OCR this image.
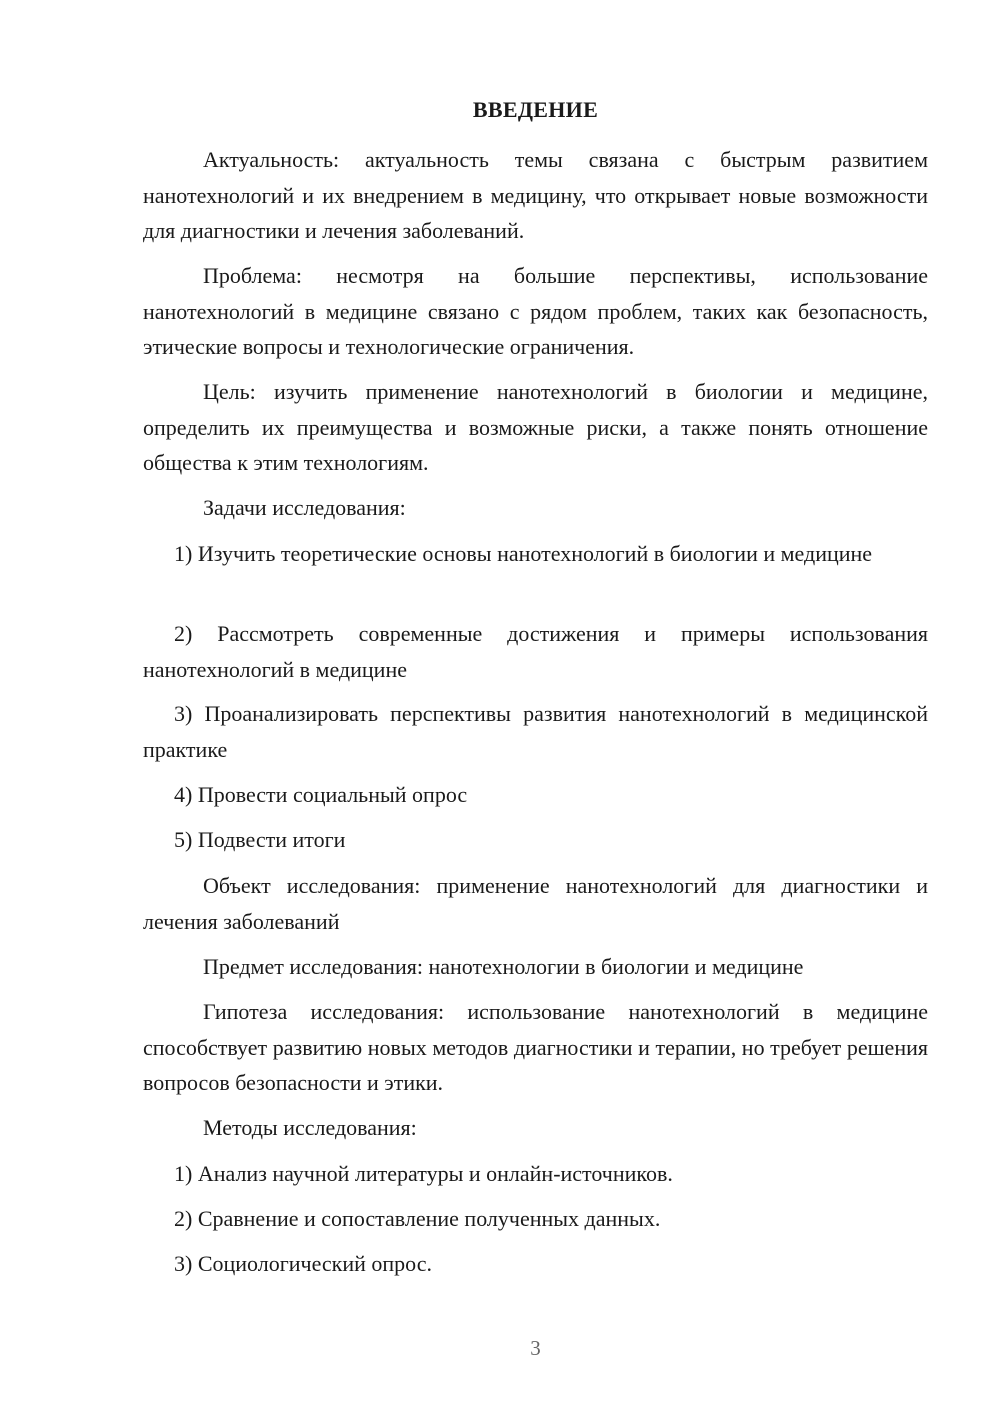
ВВЕДЕНИЕ

Актуальность: актуальность темы связана с быстрым развитием нанотехнологий и их внедрением в медицину, что открывает новые возможности для диагностики и лечения заболеваний.

Проблема: несмотря на большие перспективы, использование нанотехнологий в медицине связано с рядом проблем, таких как безопасность, этические вопросы и технологические ограничения.

Цель: изучить применение нанотехнологий в биологии и медицине, определить их преимущества и возможные риски, а также понять отношение общества к этим технологиям.

Задачи исследования:

1) Изучить теоретические основы нанотехнологий в биологии и медицине

2) Рассмотреть современные достижения и примеры использования нанотехнологий в медицине

3) Проанализировать перспективы развития нанотехнологий в медицинской практике

4) Провести социальный опрос

5) Подвести итоги

Объект исследования: применение нанотехнологий для диагностики и лечения заболеваний

Предмет исследования: нанотехнологии в биологии и медицине

Гипотеза исследования: использование нанотехнологий в медицине способствует развитию новых методов диагностики и терапии, но требует решения вопросов безопасности и этики.

Методы исследования:

1) Анализ научной литературы и онлайн-источников.

2) Сравнение и сопоставление полученных данных.

3) Социологический опрос.

3
